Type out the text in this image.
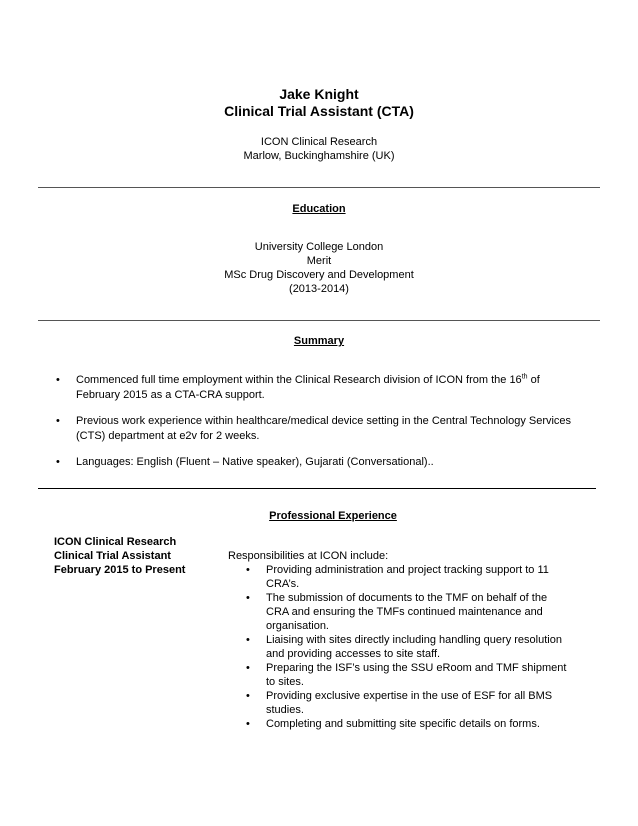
Jake Knight
Clinical Trial Assistant (CTA)
ICON Clinical Research
Marlow, Buckinghamshire (UK)
Education
University College London
Merit
MSc Drug Discovery and Development
(2013-2014)
Summary
• Commenced full time employment within the Clinical Research division of ICON from the 16th of
February 2015 as a CTA-CRA support.
• Previous work experience within healthcare/medical device setting in the Central Technology Services
(CTS) department at e2v for 2 weeks.
• Languages: English (Fluent – Native speaker), Gujarati (Conversational)..
Professional Experience
ICON Clinical Research
Clinical Trial Assistant
February 2015 to Present
Responsibilities at ICON include:
• Providing administration and project tracking support to 11 CRA’s.
• The submission of documents to the TMF on behalf of the CRA and ensuring the TMFs continued maintenance and organisation.
• Liaising with sites directly including handling query resolution and providing accesses to site staff.
• Preparing the ISF’s using the SSU eRoom and TMF shipment to sites.
• Providing exclusive expertise in the use of ESF for all BMS studies.
• Completing and submitting site specific details on forms.
